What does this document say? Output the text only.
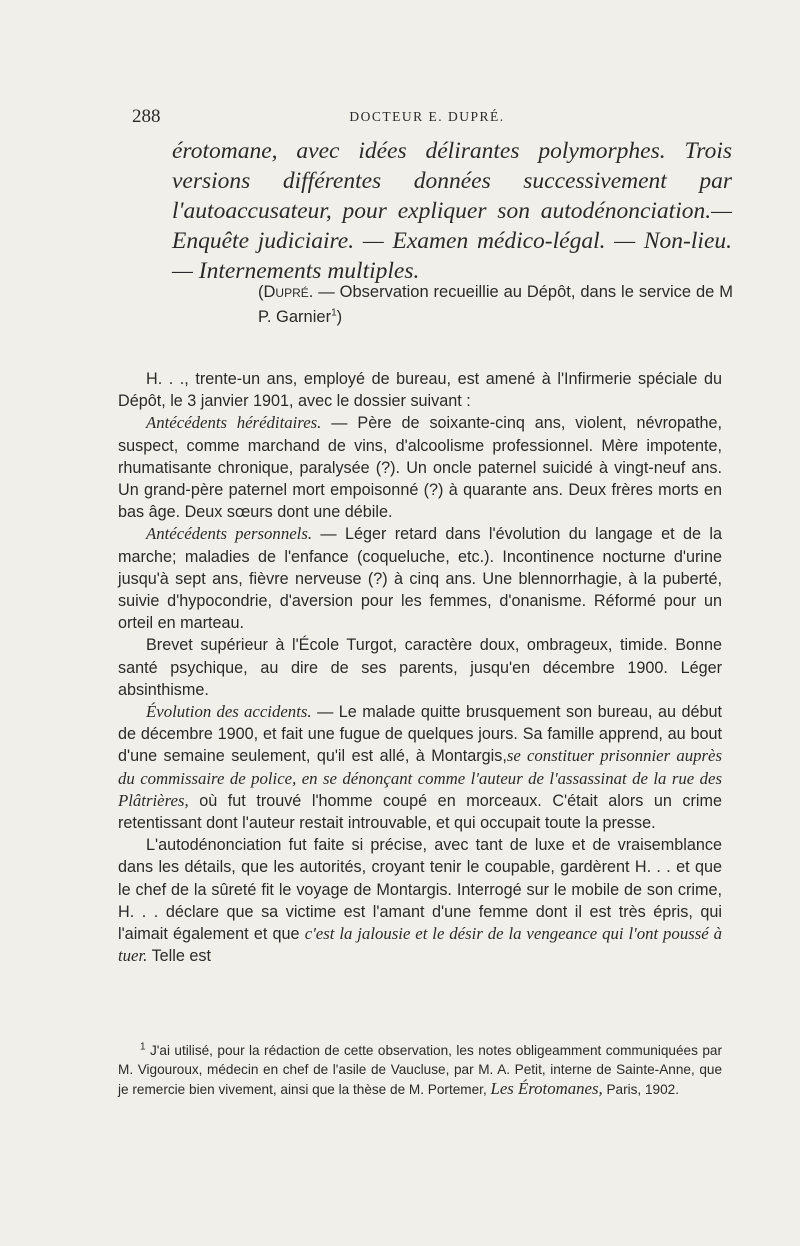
288	DOCTEUR E. DUPRÉ.

érotomane, avec idées délirantes polymorphes. Trois versions différentes données successivement par l'autoaccusateur, pour expliquer son autodénonciation.— Enquête judiciaire. — Examen médico-légal. — Non-lieu. — Internements multiples.

(Dupré. — Observation recueillie au Dépôt, dans le service de M P. Garnier$^1$)

H. . ., trente-un ans, employé de bureau, est amené à l'Infirmerie spéciale du Dépôt, le 3 janvier 1901, avec le dossier suivant :

Antécédents héréditaires. — Père de soixante-cinq ans, violent, névropathe, suspect, comme marchand de vins, d'alcoolisme professionnel. Mère impotente, rhumatisante chronique, paralysée (?). Un oncle paternel suicidé à vingt-neuf ans. Un grand-père paternel mort empoisonné (?) à quarante ans. Deux frères morts en bas âge. Deux sœurs dont une débile.

Antécédents personnels. — Léger retard dans l'évolution du langage et de la marche; maladies de l'enfance (coqueluche, etc.). Incontinence nocturne d'urine jusqu'à sept ans, fièvre nerveuse (?) à cinq ans. Une blennorrhagie, à la puberté, suivie d'hypocondrie, d'aversion pour les femmes, d'onanisme. Réformé pour un orteil en marteau.

Brevet supérieur à l'École Turgot, caractère doux, ombrageux, timide. Bonne santé psychique, au dire de ses parents, jusqu'en décembre 1900. Léger absinthisme.

Évolution des accidents. — Le malade quitte brusquement son bureau, au début de décembre 1900, et fait une fugue de quelques jours. Sa famille apprend, au bout d'une semaine seulement, qu'il est allé, à Montargis,se constituer prisonnier auprès du commissaire de police, en se dénonçant comme l'auteur de l'assassinat de la rue des Plâtrières, où fut trouvé l'homme coupé en morceaux. C'était alors un crime retentissant dont l'auteur restait introuvable, et qui occupait toute la presse.

L'autodénonciation fut faite si précise, avec tant de luxe et de vraisemblance dans les détails, que les autorités, croyant tenir le coupable, gardèrent H. . . et que le chef de la sûreté fit le voyage de Montargis. Interrogé sur le mobile de son crime, H. . . déclare que sa victime est l'amant d'une femme dont il est très épris, qui l'aimait également et que c'est la jalousie et le désir de la vengeance qui l'ont poussé à tuer. Telle est

$^1$ J'ai utilisé, pour la rédaction de cette observation, les notes obligeamment communiquées par M. Vigouroux, médecin en chef de l'asile de Vaucluse, par M. A. Petit, interne de Sainte-Anne, que je remercie bien vivement, ainsi que la thèse de M. Portemer, Les Érotomanes, Paris, 1902.
